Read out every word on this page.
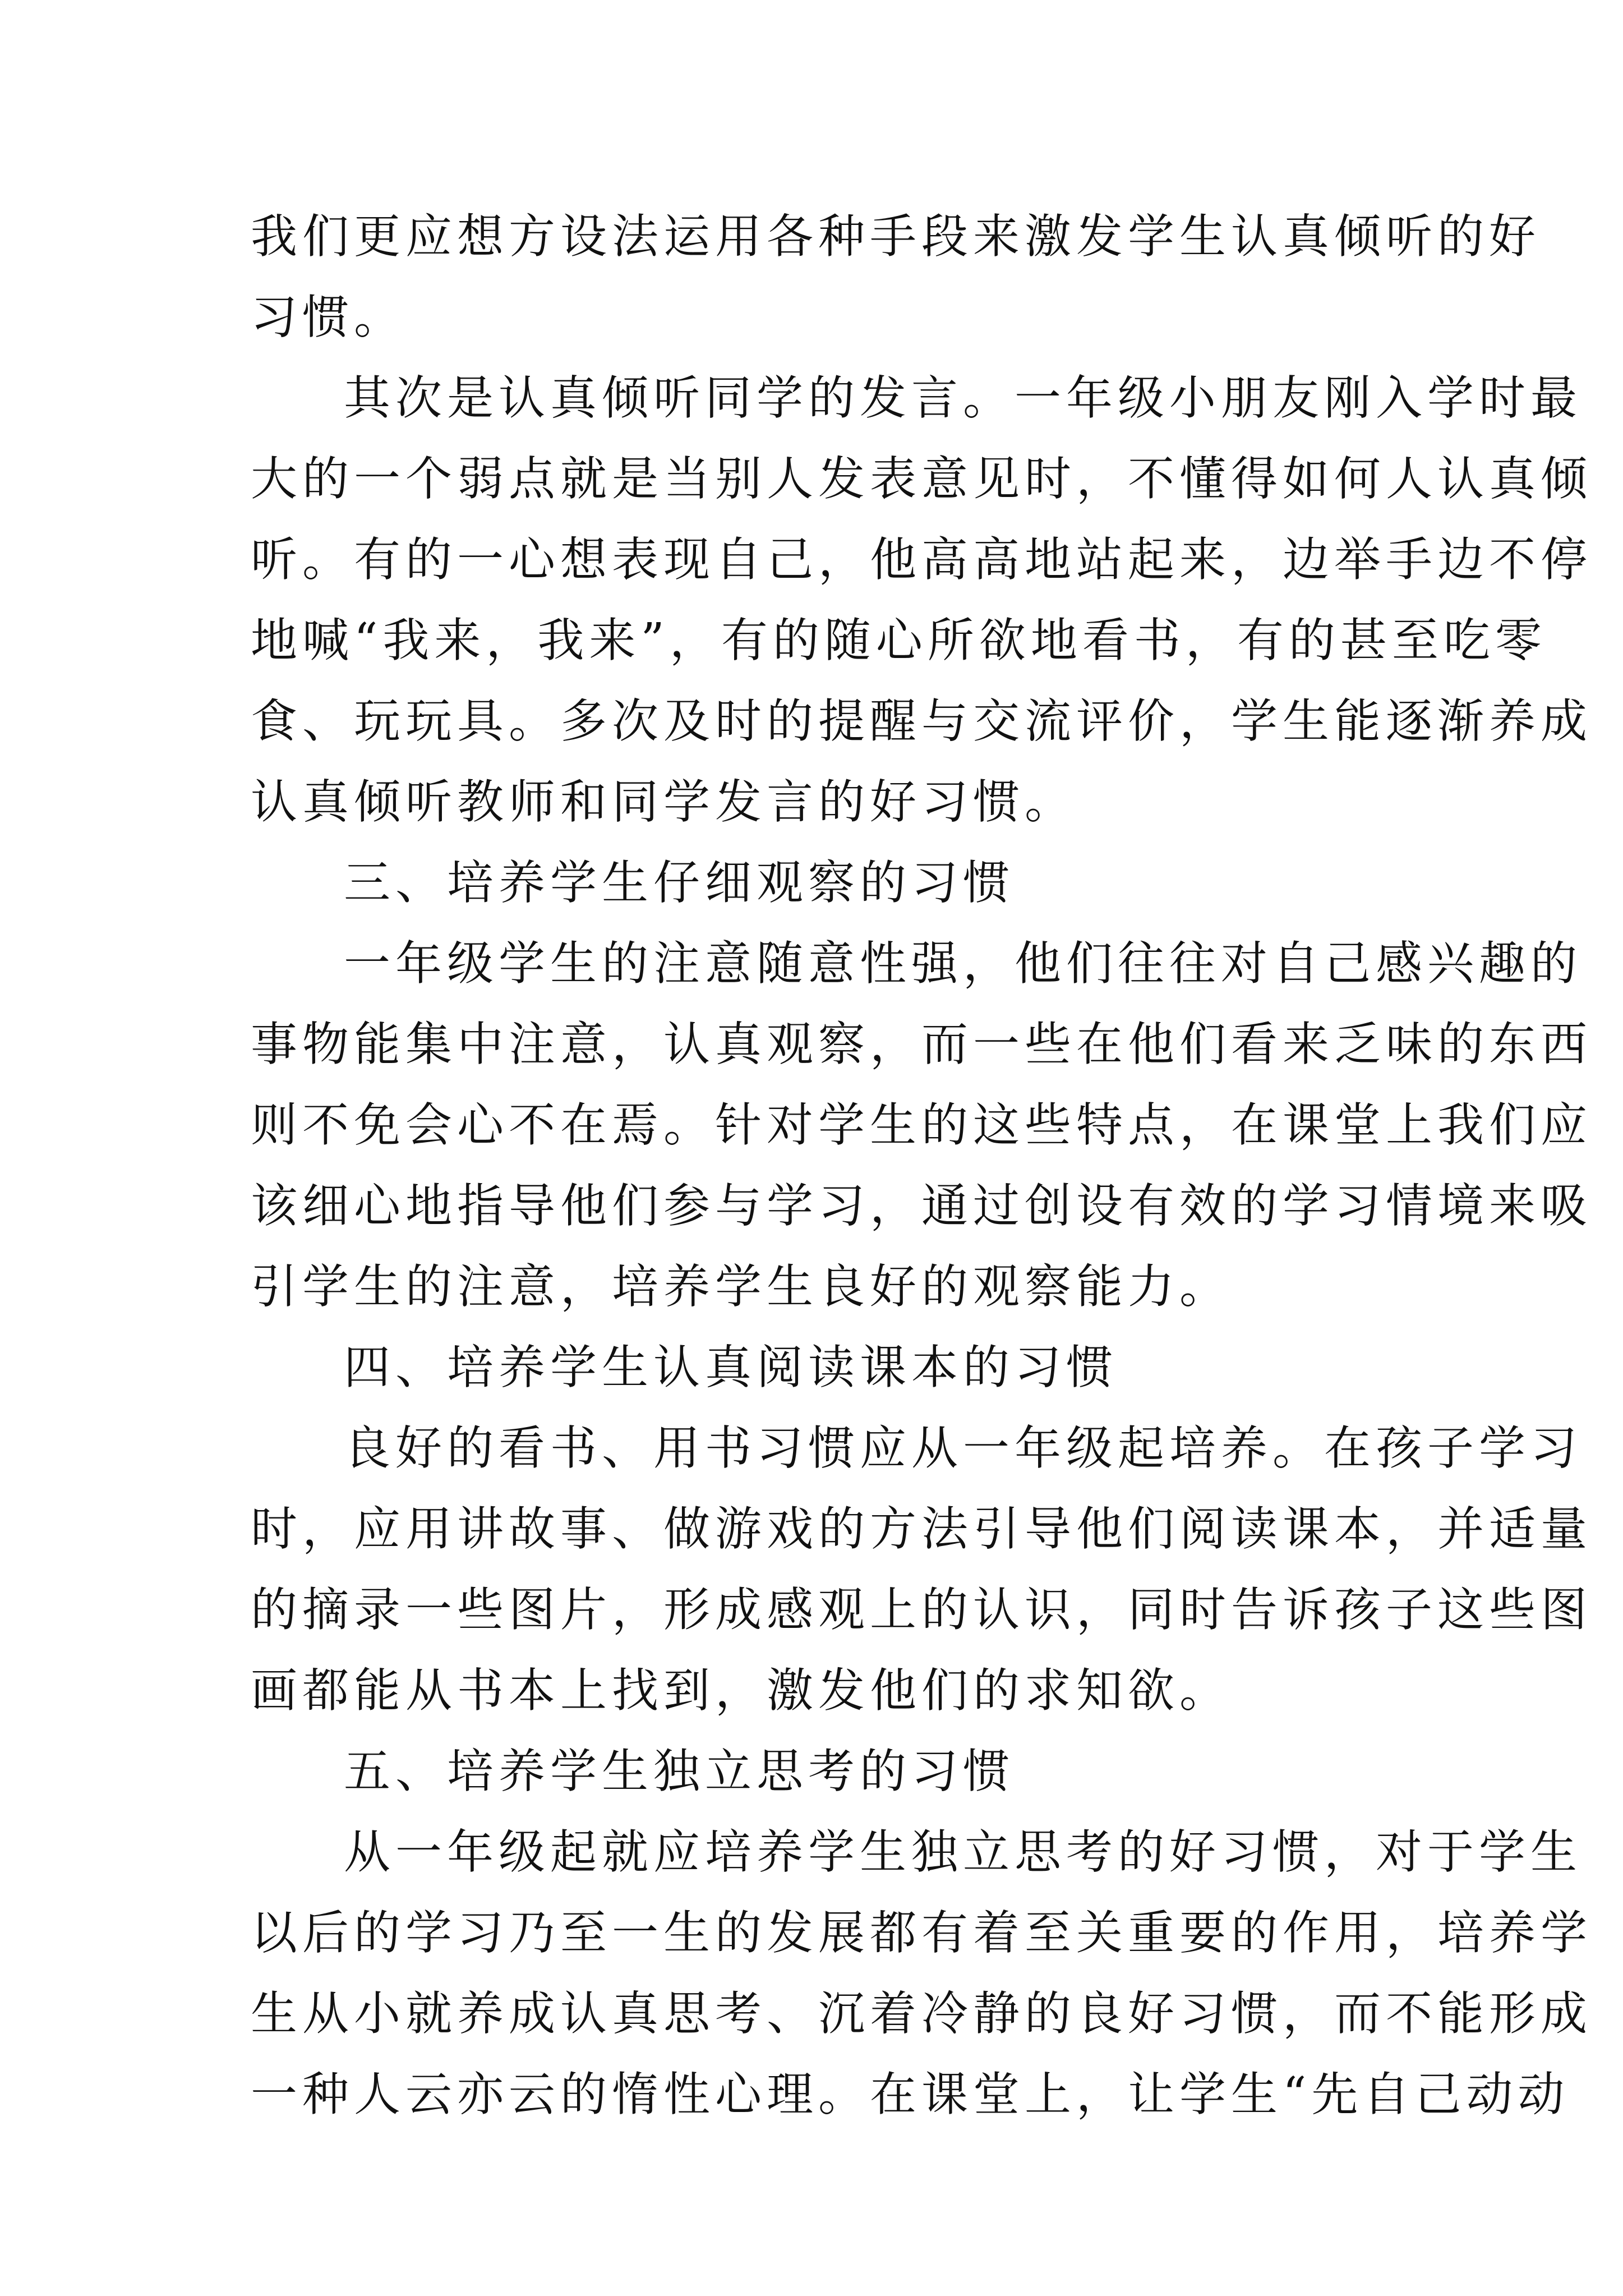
我们更应想方设法运用各种手段来激发学生认真倾听的好
习惯。
其次是认真倾听同学的发言。一年级小朋友刚入学时最
大的一个弱点就是当别人发表意见时，不懂得如何人认真倾
听。有的一心想表现自己，他高高地站起来，边举手边不停
地喊“我来，我来”，有的随心所欲地看书，有的甚至吃零
食、玩玩具。多次及时的提醒与交流评价，学生能逐渐养成
认真倾听教师和同学发言的好习惯。
三、培养学生仔细观察的习惯
一年级学生的注意随意性强，他们往往对自己感兴趣的
事物能集中注意，认真观察，而一些在他们看来乏味的东西
则不免会心不在焉。针对学生的这些特点，在课堂上我们应
该细心地指导他们参与学习，通过创设有效的学习情境来吸
引学生的注意，培养学生良好的观察能力。
四、培养学生认真阅读课本的习惯
良好的看书、用书习惯应从一年级起培养。在孩子学习
时，应用讲故事、做游戏的方法引导他们阅读课本，并适量
的摘录一些图片，形成感观上的认识，同时告诉孩子这些图
画都能从书本上找到，激发他们的求知欲。
五、培养学生独立思考的习惯
从一年级起就应培养学生独立思考的好习惯，对于学生
以后的学习乃至一生的发展都有着至关重要的作用，培养学
生从小就养成认真思考、沉着冷静的良好习惯，而不能形成
一种人云亦云的惰性心理。在课堂上，让学生“先自己动动
